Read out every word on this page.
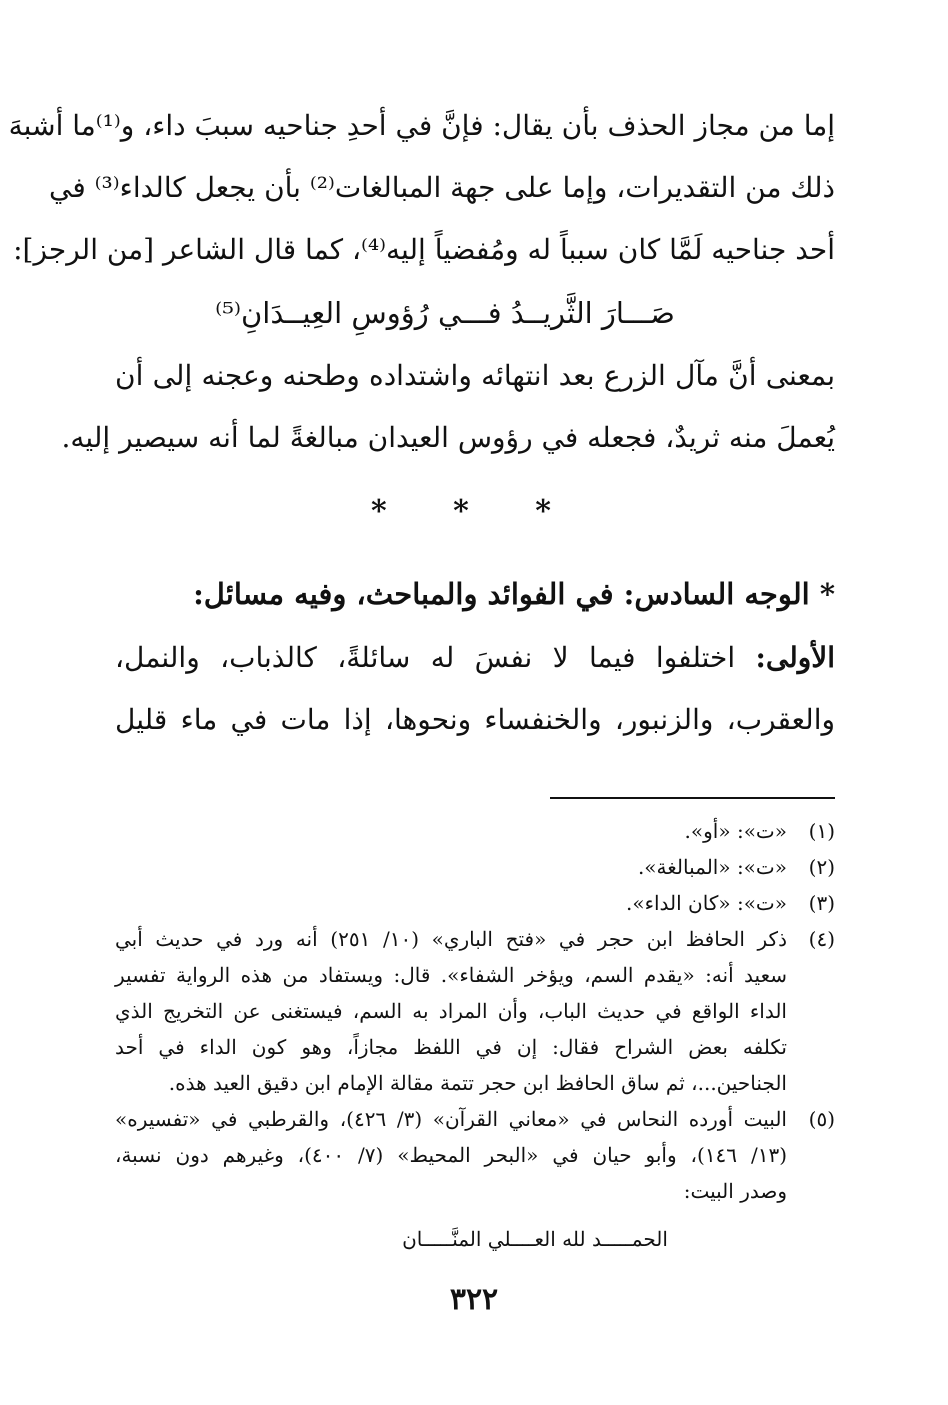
إما من مجاز الحذف بأن يقال: فإنَّ في أحدِ جناحيه سببَ داء، و⁽¹⁾ما أشبهَ
ذلك من التقديرات، وإما على جهة المبالغات⁽²⁾ بأن يجعل كالداء⁽³⁾ في
أحد جناحيه لَمَّا كان سبباً له ومُفضياً إليه⁽⁴⁾، كما قال الشاعر [من الرجز]:
صَـــارَ الثَّريــدُ فـــي رُؤوسِ العِيــدَانِ⁽⁵⁾
بمعنى أنَّ مآل الزرع بعد انتهائه واشتداده وطحنه وعجنه إلى أن
يُعملَ منه ثريدٌ، فجعله في رؤوس العيدان مبالغةً لما أنه سيصير إليه.
* * *
* الوجه السادس: في الفوائد والمباحث، وفيه مسائل:
الأولى: اختلفوا فيما لا نفسَ له سائلةً، كالذباب، والنمل،
والعقرب، والزنبور، والخنفساء ونحوها، إذا مات في ماء قليل
(١)
«ت»: «أو».
(٢)
«ت»: «المبالغة».
(٣)
«ت»: «كان الداء».
(٤)
ذكر الحافظ ابن حجر في «فتح الباري» (١٠/ ٢٥١) أنه ورد في حديث أبي
سعيد أنه: «يقدم السم، ويؤخر الشفاء». قال: ويستفاد من هذه الرواية تفسير
الداء الواقع في حديث الباب، وأن المراد به السم، فيستغنى عن التخريج الذي
تكلفه بعض الشراح فقال: إن في اللفظ مجازاً، وهو كون الداء في أحد
الجناحين...، ثم ساق الحافظ ابن حجر تتمة مقالة الإمام ابن دقيق العيد هذه.
(٥)
البيت أورده النحاس في «معاني القرآن» (٣/ ٤٢٦)، والقرطبي في «تفسيره»
(١٣/ ١٤٦)، وأبو حيان في «البحر المحيط» (٧/ ٤٠٠)، وغيرهم دون نسبة،
وصدر البيت:
الحمـــــد لله العــــلي المنَّـــــان
٣٢٢
